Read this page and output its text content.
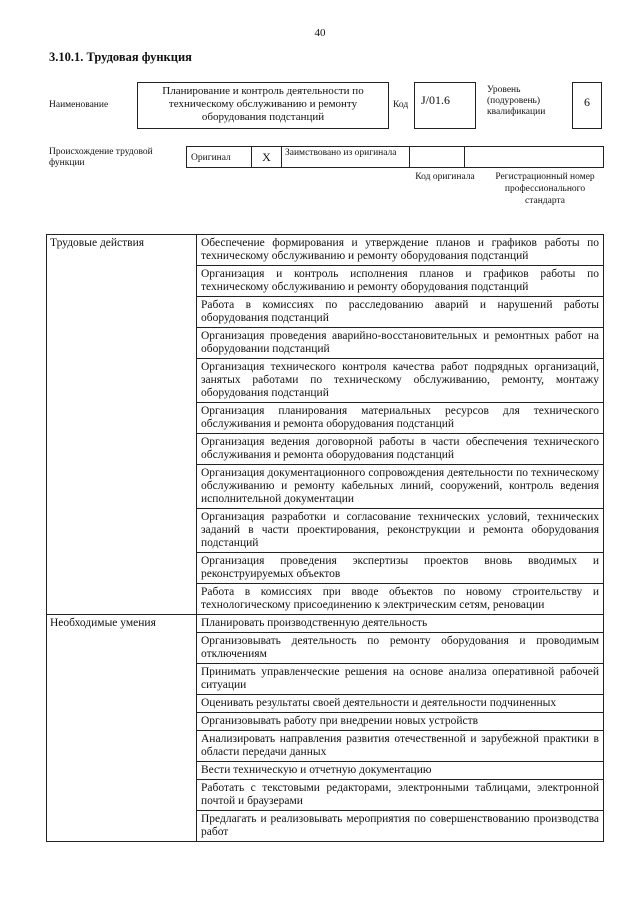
40
3.10.1. Трудовая функция
Наименование
Планирование и контроль деятельности по техническому обслуживанию и ремонту оборудования подстанций
Код	J/01.6
Уровень (подуровень) квалификации
6
Происхождение трудовой функции	Оригинал	X	Заимствовано из оригинала
Код оригинала	Регистрационный номер профессионального стандарта
Трудовые действия	Обеспечение формирования и утверждение планов и графиков работы по техническому обслуживанию и ремонту оборудования подстанций
	Организация и контроль исполнения планов и графиков работы по техническому обслуживанию и ремонту оборудования подстанций
	Работа в комиссиях по расследованию аварий и нарушений работы оборудования подстанций
	Организация проведения аварийно-восстановительных и ремонтных работ на оборудовании подстанций
	Организация технического контроля качества работ подрядных организаций, занятых работами по техническому обслуживанию, ремонту, монтажу оборудования подстанций
	Организация планирования материальных ресурсов для технического обслуживания и ремонта оборудования подстанций
	Организация ведения договорной работы в части обеспечения технического обслуживания и ремонта оборудования подстанций
	Организация документационного сопровождения деятельности по техническому обслуживанию и ремонту кабельных линий, сооружений, контроль ведения исполнительной документации
	Организация разработки и согласование технических условий, технических заданий в части проектирования, реконструкции и ремонта оборудования подстанций
	Организация проведения экспертизы проектов вновь вводимых и реконструируемых объектов
	Работа в комиссиях при вводе объектов по новому строительству и технологическому присоединению к электрическим сетям, реновации
Необходимые умения	Планировать производственную деятельность
	Организовывать деятельность по ремонту оборудования и проводимым отключениям
	Принимать управленческие решения на основе анализа оперативной рабочей ситуации
	Оценивать результаты своей деятельности и деятельности подчиненных
	Организовывать работу при внедрении новых устройств
	Анализировать направления развития отечественной и зарубежной практики в области передачи данных
	Вести техническую и отчетную документацию
	Работать с текстовыми редакторами, электронными таблицами, электронной почтой и браузерами
	Предлагать и реализовывать мероприятия по совершенствованию производства работ
